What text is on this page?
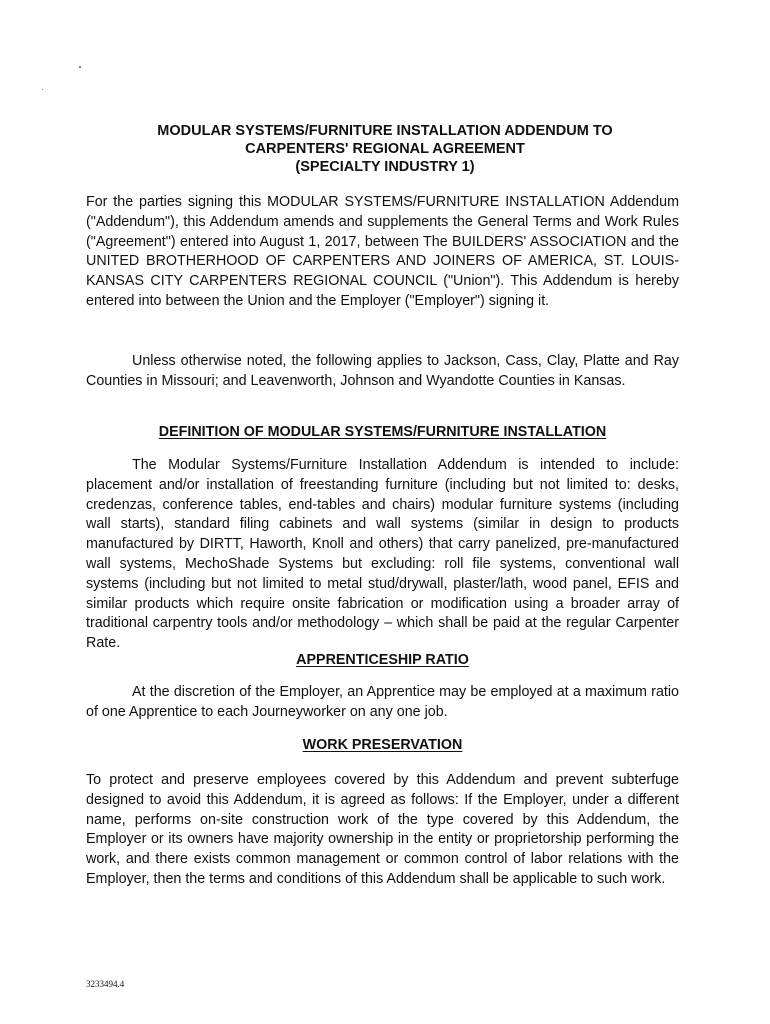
MODULAR SYSTEMS/FURNITURE INSTALLATION ADDENDUM TO
CARPENTERS' REGIONAL AGREEMENT
(SPECIALTY INDUSTRY 1)

For the parties signing this MODULAR SYSTEMS/FURNITURE INSTALLATION Addendum ("Addendum"), this Addendum amends and supplements the General Terms and Work Rules ("Agreement") entered into August 1, 2017, between The BUILDERS' ASSOCIATION and the UNITED BROTHERHOOD OF CARPENTERS AND JOINERS OF AMERICA, ST. LOUIS-KANSAS CITY CARPENTERS REGIONAL COUNCIL ("Union"). This Addendum is hereby entered into between the Union and the Employer ("Employer") signing it.

Unless otherwise noted, the following applies to Jackson, Cass, Clay, Platte and Ray Counties in Missouri; and Leavenworth, Johnson and Wyandotte Counties in Kansas.

DEFINITION OF MODULAR SYSTEMS/FURNITURE INSTALLATION

The Modular Systems/Furniture Installation Addendum is intended to include: placement and/or installation of freestanding furniture (including but not limited to: desks, credenzas, conference tables, end-tables and chairs) modular furniture systems (including wall starts), standard filing cabinets and wall systems (similar in design to products manufactured by DIRTT, Haworth, Knoll and others) that carry panelized, pre-manufactured wall systems, MechoShade Systems but excluding: roll file systems, conventional wall systems (including but not limited to metal stud/drywall, plaster/lath, wood panel, EFIS and similar products which require onsite fabrication or modification using a broader array of traditional carpentry tools and/or methodology – which shall be paid at the regular Carpenter Rate.

APPRENTICESHIP RATIO

At the discretion of the Employer, an Apprentice may be employed at a maximum ratio of one Apprentice to each Journeyworker on any one job.

WORK PRESERVATION

To protect and preserve employees covered by this Addendum and prevent subterfuge designed to avoid this Addendum, it is agreed as follows: If the Employer, under a different name, performs on-site construction work of the type covered by this Addendum, the Employer or its owners have majority ownership in the entity or proprietorship performing the work, and there exists common management or common control of labor relations with the Employer, then the terms and conditions of this Addendum shall be applicable to such work.

3233494.4
